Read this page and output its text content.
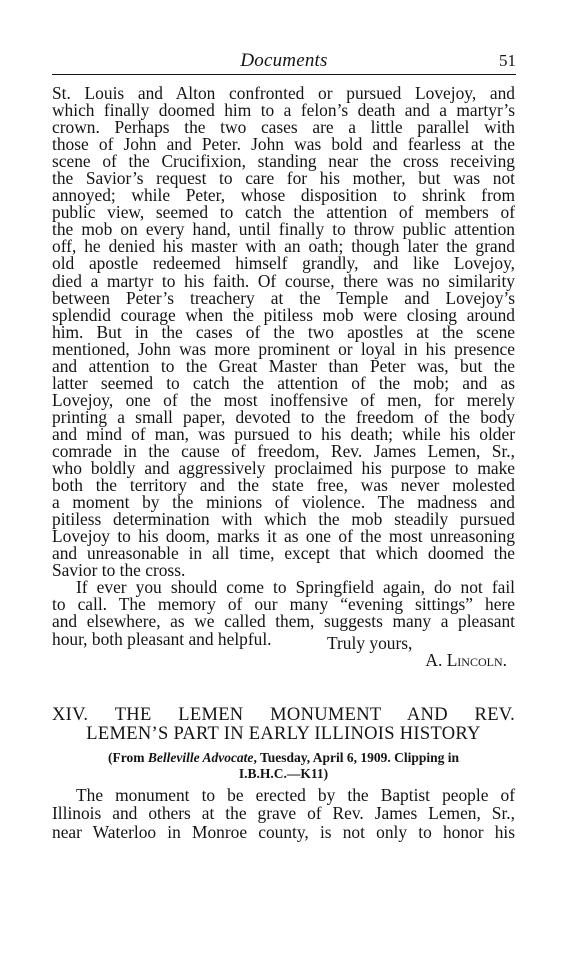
Documents	51
St. Louis and Alton confronted or pursued Lovejoy, and
which finally doomed him to a felon’s death and a martyr’s
crown. Perhaps the two cases are a little parallel with
those of John and Peter. John was bold and fearless at the
scene of the Crucifixion, standing near the cross receiving
the Savior’s request to care for his mother, but was not
annoyed; while Peter, whose disposition to shrink from
public view, seemed to catch the attention of members of
the mob on every hand, until finally to throw public attention
off, he denied his master with an oath; though later the grand
old apostle redeemed himself grandly, and like Lovejoy,
died a martyr to his faith. Of course, there was no similarity
between Peter’s treachery at the Temple and Lovejoy’s
splendid courage when the pitiless mob were closing around
him. But in the cases of the two apostles at the scene
mentioned, John was more prominent or loyal in his presence
and attention to the Great Master than Peter was, but the
latter seemed to catch the attention of the mob; and as
Lovejoy, one of the most inoffensive of men, for merely
printing a small paper, devoted to the freedom of the body
and mind of man, was pursued to his death; while his older
comrade in the cause of freedom, Rev. James Lemen, Sr.,
who boldly and aggressively proclaimed his purpose to make
both the territory and the state free, was never molested
a moment by the minions of violence. The madness and
pitiless determination with which the mob steadily pursued
Lovejoy to his doom, marks it as one of the most unreasoning
and unreasonable in all time, except that which doomed the
Savior to the cross.
If ever you should come to Springfield again, do not fail
to call. The memory of our many “evening sittings” here
and elsewhere, as we called them, suggests many a pleasant
hour, both pleasant and helpful.	Truly yours,
A. Lincoln.
XIV. THE LEMEN MONUMENT AND REV.
LEMEN’S PART IN EARLY ILLINOIS HISTORY
(From Belleville Advocate, Tuesday, April 6, 1909. Clipping in
I.B.H.C.—K11)
The monument to be erected by the Baptist people of
Illinois and others at the grave of Rev. James Lemen, Sr.,
near Waterloo in Monroe county, is not only to honor his
